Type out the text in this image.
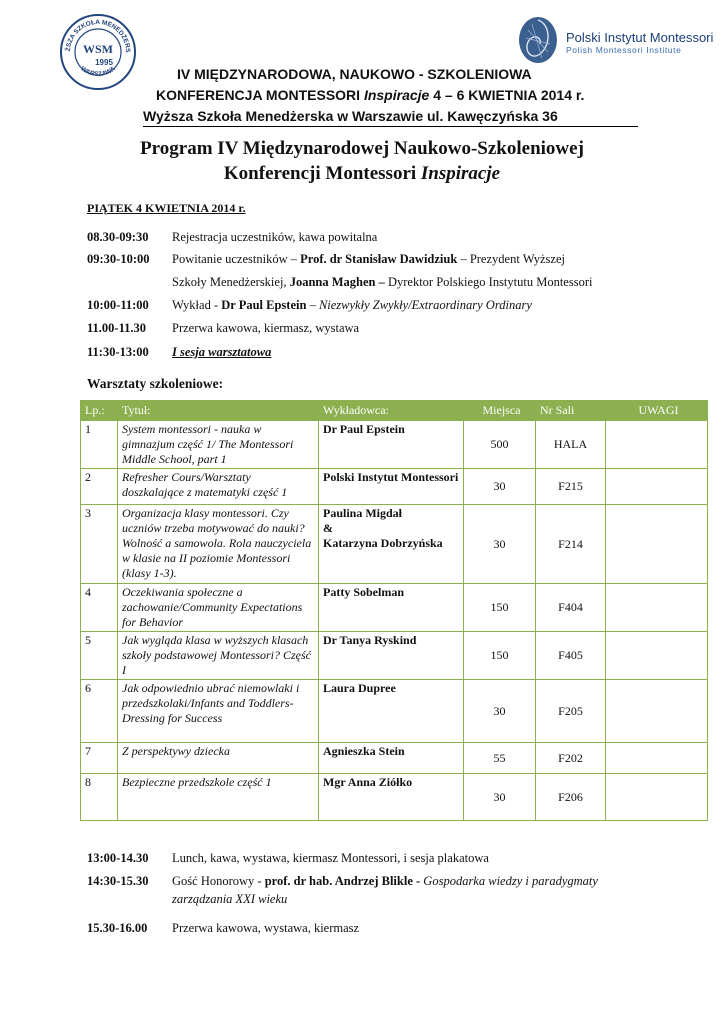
ŻSZA SZKOŁA MENEDŻERS
WSM
1995
WARSZAWA
Polski Instytut Montessori
Polish Montessori Institute
IV MIĘDZYNARODOWA, NAUKOWO - SZKOLENIOWA
KONFERENCJA MONTESSORI Inspiracje 4 – 6 KWIETNIA 2014 r.
Wyższa Szkoła Menedżerska w Warszawie ul. Kawęczyńska 36
Program IV Międzynarodowej Naukowo-Szkoleniowej
Konferencji Montessori Inspiracje
PIĄTEK 4 KWIETNIA 2014 r.
08.30-09:30 Rejestracja uczestników, kawa powitalna
09:30-10:00 Powitanie uczestników – Prof. dr Stanisław Dawidziuk – Prezydent Wyższej
Szkoły Menedżerskiej, Joanna Maghen – Dyrektor Polskiego Instytutu Montessori
10:00-11:00 Wykład - Dr Paul Epstein – Niezwykły Zwykły/Extraordinary Ordinary
11.00-11.30 Przerwa kawowa, kiermasz, wystawa
11:30-13:00 I sesja warsztatowa
Warsztaty szkoleniowe:
Lp.:	Tytuł:	Wykładowca:	Miejsca	Nr Sali	UWAGI
1	System montessori - nauka w gimnazjum część 1/ The Montessori Middle School, part 1	Dr Paul Epstein	500	HALA	
2	Refresher Cours/Warsztaty doszkalające z matematyki część 1	Polski Instytut Montessori	30	F215	
3	Organizacja klasy montessori. Czy uczniów trzeba motywować do nauki? Wolność a samowola. Rola nauczyciela w klasie na II poziomie Montessori (klasy 1-3).	Paulina Migdał
&
Katarzyna Dobrzyńska	30	F214	
4	Oczekiwania społeczne a zachowanie/Community Expectations for Behavior	Patty Sobelman	150	F404	
5	Jak wygląda klasa w wyższych klasach szkoły podstawowej Montessori? Część I	Dr Tanya Ryskind	150	F405	
6	Jak odpowiednio ubrać niemowlaki i przedszkolaki/Infants and Toddlers-Dressing for Success	Laura Dupree	30	F205	
7	Z perspektywy dziecka	Agnieszka Stein	55	F202	
8	Bezpieczne przedszkole część 1	Mgr Anna Ziółko	30	F206	
13:00-14.30 Lunch, kawa, wystawa, kiermasz Montessori, i sesja plakatowa
14:30-15.30 Gość Honorowy - prof. dr hab. Andrzej Blikle - Gospodarka wiedzy i paradygmaty
zarządzania XXI wieku
15.30-16.00 Przerwa kawowa, wystawa, kiermasz
